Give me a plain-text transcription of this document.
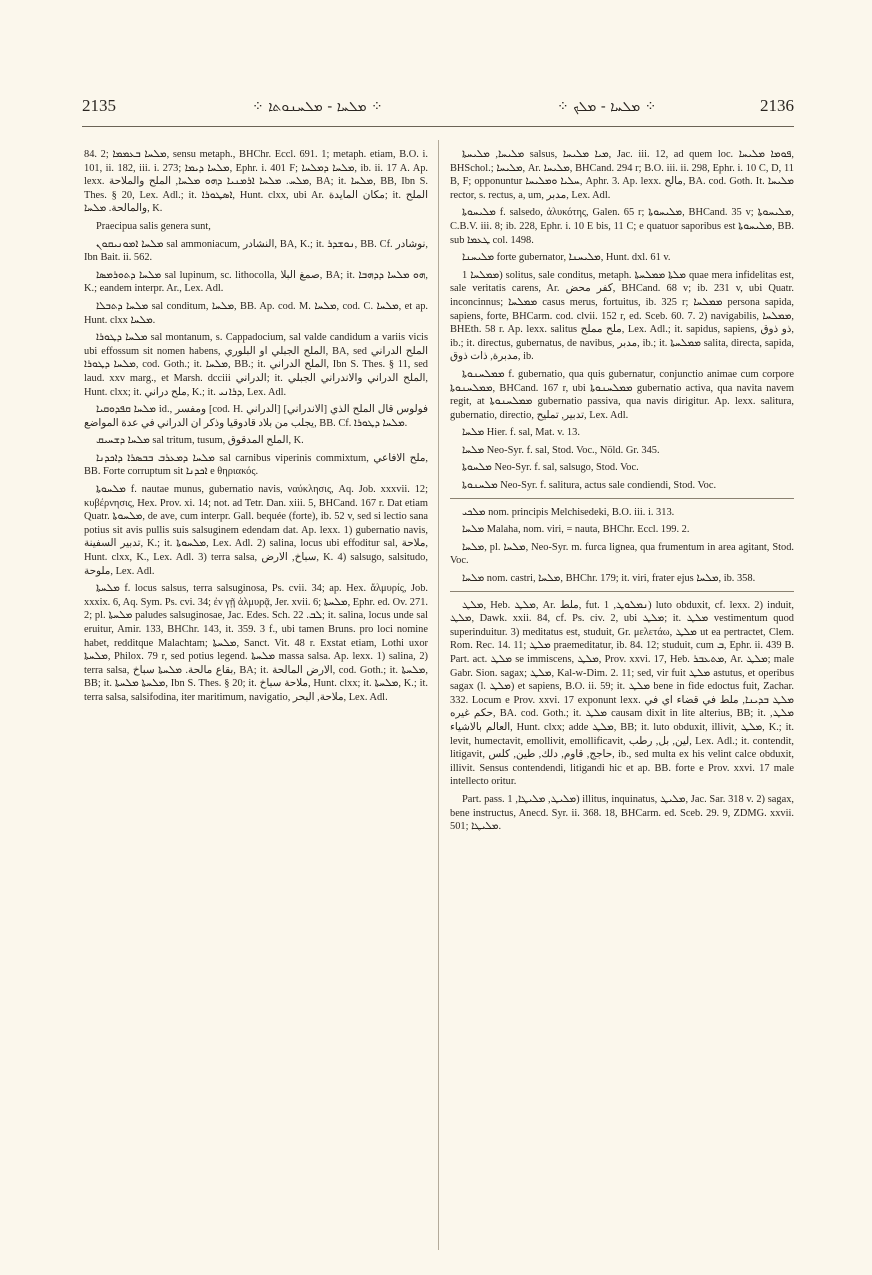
2135	⁘ ܡܠܚܐ - ܡܠܚܢܘܬܐ ⁘	⁘ ܡܠܚܐ - ܡܠܟ ⁘	2136

84. 2; ܡܠܚܐ ܒܥܡܡܐ, sensu metaph., BHChr. Eccl. 691. 1; metaph. etiam, B.O. i. 101, ii. 182, iii. i. 273; ܡܠܚܐ ܕܝܡܐ, Ephr. i. 401 F; ܡܠܚܐ ܕܡܠܚܐ, ib. ii. 17 A. Ap. lexx. ܡܠܚ. ܡܠܚܐ ܐܪܡܢܝܐ ܕܗܘ ܡܠܚܐ, الملح والملاحة, BA; it. ܡܠܚܐ, BB, Ibn S. Thes. § 20, Lex. Adl.; it. ܐܣܛܘܪܐ, Hunt. clxx, ubi Ar. مكان المايدة; it. الملح والمالحة. ܡܠܚܐ, K.

Praecipua salis genera sunt,

ܡܠܚܐ ܐܡܘܢܝܩܘܢ sal ammoniacum, النشادر, BA, K.; it. ܢܘܫܕܪ, BB. Cf. نوشادر, Ibn Bait. ii. 562.

ܡܠܚܐ ܕܬܘܪܡܣܐ sal lupinum, sc. lithocolla, صمغ البلا, BA; it. ܗܘ ܡܠܚܐ ܕܕܗܒܐ, K.; eandem interpr. Ar., Lex. Adl.

ܡܠܚܐ ܕܬܒܠܐ sal conditum, ܡܠܚܐ, BB. Ap. cod. M. ܡܠܚܐ, cod. C. ܡܠܚܐ, et ap. Hunt. clxx ܡܠܚܐ.

ܡܠܚܐ ܕܛܘܪܐ sal montanum, s. Cappadocium, sal valde candidum a variis vicis ubi effossum sit nomen habens, الملح الجبلي او البلوري, BA, sed الملح الدراني ܡܠܚܐ ܕܛܘܪܐ, cod. Goth.; it. ܡܠܚܐ, BB.; it. الملح الدراني, Ibn S. Thes. § 11, sed laud. xxv marg., et Marsh. dcciii الدراني; it. الملح الدراني والاندراني الجبلي, Hunt. clxx; it. ملح دراني, K.; it. ܕܪܐܢܝ, Lex. Adl.

ܡܠܚܐ ܩܦܕܘܩܝܐ id., ومفسر [cod. H. الدراني] [الاندراني] فولوس قال الملح الذي يجلب من بلاد قادوقيا وذكر ان الدراني في عدة المواضع, BB. Cf. ܡܠܚܐ ܕܛܘܪܐ.

ܡܠܚܐ ܕܫܚܝܩ sal tritum, tusum, الملح المدقوق, K.

ܡܠܚܐ ܕܡܥܪܒ ܒܒܣܪܐ ܕܐܟܕܢܐ sal carnibus viperinis commixtum, ملح الافاعي, BB. Forte corruptum sit ܐܟܕܢܐ e θηριακός.

ܡܠܚܘܬܐ f. nautae munus, gubernatio navis, ναύκλησις, Aq. Job. xxxvii. 12; κυβέρνησις, Hex. Prov. xi. 14; not. ad Tetr. Dan. xiii. 5, BHCand. 167 r. Dat etiam Quatr. ܡܠܚܘܬܐ, de ave, cum interpr. Gall. bequée (forte), ib. 52 v, sed si lectio sana potius sit avis pullis suis salsuginem edendam dat. Ap. lexx. 1) gubernatio navis, تدبير السفينة, K.; it. ܡܠܚܘܬܐ, Lex. Adl. 2) salina, locus ubi effoditur sal, ملاحة, Hunt. clxx, K., Lex. Adl. 3) terra salsa, سباخ, الارض, K. 4) salsugo, salsitudo, ملوحة, Lex. Adl.

ܡܠܚܬܐ f. locus salsus, terra salsuginosa, Ps. cvii. 34; ap. Hex. ἅλμυρίς, Job. xxxix. 6, Aq. Sym. Ps. cvi. 34; ἐν γῇ ἁλμυρᾷ, Jer. xvii. 6; ܡܠܚܬܐ, Ephr. ed. Ov. 271. 2; pl. ܡܠܚܬܐ paludes salsuginosae, Jac. Edes. Sch. ܠܒ. 22; it. salina, locus unde sal eruitur, Amir. 133, BHChr. 143, it. 359. 3 f., ubi tamen Bruns. pro loci nomine habet, redditque Malachtam; ܡܠܚܬܐ, Sanct. Vit. 48 r. Exstat etiam, Lothi uxor ܡܠܚܬܐ, Philox. 79 r, sed potius legend. ܡܠܚܬܐ massa salsa. Ap. lexx. 1) salina, 2) terra salsa, بقاع مالحة. ܡܠܚܬܐ سباخ, BA; it. الارض المالحة, cod. Goth.; it. ܡܠܚܬܐ, BB; it. ܡܠܚܬܐ ܡܠܚܬܐ, Ibn S. Thes. § 20; it. ملاحة سباخ, Hunt. clxx; it. ܡܠܚܬܐ, K.; it. terra salsa, salsifodina, iter maritimum, navigatio, ملاحة, البحر, Lex. Adl.

ܡܠܝܚܐ, ܡܠܝܚܬܐ salsus, ܡܝܐ ܡܠܝܚܐ, Jac. iii. 12, ad quem loc. ܦܘܡܐ ܡܠܝܚܐ, BHSchol.; ܡܠܝܚܐ, Ar. ܡܠܝܚܐ, BHCand. 294 r; B.O. iii. ii. 298, Ephr. i. 10 C, D, 11 B, F; opponuntur ܚܠܝܐ ܘܡܠܝܚܐ, Aphr. 3. Ap. lexx. مالح, BA. cod. Goth. It. ܡܠܝܚܐ rector, s. rectus, a, um, مدبر, Lex. Adl.

ܡܠܝܚܘܬܐ f. salsedo, ἀλυκότης, Galen. 65 r; ܡܠܝܚܘܬܐ, BHCand. 35 v; ܡܠܝܚܘܬܐ, C.B.V. iii. 8; ib. 228, Ephr. i. 10 E bis, 11 C; e quatuor saporibus est ܡܠܝܚܘܬܐ, BB. sub ܛܥܡܐ col. 1498.

ܡܠܝܚܢܐ forte gubernator, ܡܠܝܚܢܐ, Hunt. dxl. 61 v.

ܡܡܠܚܐ 1) solitus, sale conditus, metaph. ܡܠܬܐ ܡܡܠܚܬܐ quae mera infidelitas est, sale veritatis carens, Ar. كفر محض, BHCand. 68 v; ib. 231 v, ubi Quatr. inconcinnus; ܡܡܠܚܐ casus merus, fortuitus, ib. 325 r; ܡܡܠܚܐ persona sapida, sapiens, forte, BHCarm. cod. clvii. 152 r, ed. Sceb. 60. 7. 2) navigabilis, ܡܡܠܚܐ, BHEth. 58 r. Ap. lexx. salitus ملح مملح, Lex. Adl.; it. sapidus, sapiens, ذو ذوق, ib.; it. directus, gubernatus, de navibus, مدبر, ib.; it. ܡܡܠܚܬܐ salita, directa, sapida, مدبرة, ذات ذوق, ib.

ܡܡܠܚܢܘܬܐ f. gubernatio, qua quis gubernatur, conjunctio animae cum corpore ܡܡܠܚܢܘܬܐ, BHCand. 167 r, ubi ܡܡܠܚܢܘܬܐ gubernatio activa, qua navita navem regit, at ܡܡܠܚܢܘܬܐ gubernatio passiva, qua navis dirigitur. Ap. lexx. salitura, gubernatio, directio, تدبير, تمليح, Lex. Adl.

ܡܠܚܐ Hier. f. sal, Mat. v. 13.

ܡܠܚܐ Neo-Syr. f. sal, Stod. Voc., Nöld. Gr. 345.

ܡܠܚܘܬܐ Neo-Syr. f. sal, salsugo, Stod. Voc.

ܡܠܚܢܘܬܐ Neo-Syr. f. salitura, actus sale condiendi, Stod. Voc.

ܡܠܟܝ nom. principis Melchisedeki, B.O. iii. i. 313.

ܡܠܚܐ Malaha, nom. viri, = nauta, BHChr. Eccl. 199. 2.

ܡܠܚܐ, pl. ܡܠܚܐ, Neo-Syr. m. furca lignea, qua frumentum in area agitant, Stod. Voc.

ܡܠܚܐ nom. castri, ܡܠܚܐ, BHChr. 179; it. viri, frater ejus ܡܠܚܐ, ib. 358.

ܡܠܛ, Heb. ܡܠܛ, Ar. ملط, fut. ܢܡܠܘܛ, 1) luto obduxit, cf. lexx. 2) induit, ܡܠܛ, Dawk. xxii. 84, cf. Ps. civ. 2, ubi ܡܠܛ; it. ܡܠܛ vestimentum quod superinduitur. 3) meditatus est, studuit, Gr. μελετάω, ܡܠܛ ut ea pertractet, Clem. Rom. Rec. 14. 11; ܡܠܛ praemeditatur, ib. 84. 12; studuit, cum ܒ, Ephr. ii. 439 B. Part. act. ܡܠܛ se immiscens, ܡܠܛ, Prov. xxvi. 17, Heb. ܡܬܥܒܪ, Ar. ܡܠܛ; male Gabr. Sion. sagax; ܡܠܛ, Kal-w-Dim. 2. 11; sed, vir fuit ܡܠܛ astutus, et operibus sagax (l. ܡܠܛ) et sapiens, B.O. ii. 59; it. ܡܠܛ bene in fide edoctus fuit, Zachar. 332. Locum e Prov. xxvi. 17 exponunt lexx. ܡܠܛ ܒܕܝܢܐ, ملط في قضاء اي في حكم غيره, BA. cod. Goth.; it. ܡܠܛ causam dixit in lite alterius, BB; it. ܡܠܛ, العالم بالاشياء, Hunt. clxx; adde ܡܠܛ, BB; it. luto obduxit, illivit, ܡܠܛ, K.; it. levit, humectavit, emollivit, emollificavit, لين, بل, رطب, Lex. Adl.; it. contendit, litigavit, حاجج, قاوم, دلك, طين, كلس, ib., sed multa ex his velint calce obduxit, illivit. Sensus contendendi, litigandi hic et ap. BB. forte e Prov. xxvi. 17 male intellecto oritur.

Part. pass. ܡܠܝܛ, ܡܠܝܛܐ, 1) illitus, inquinatus, ܡܠܝܛ, Jac. Sar. 318 v. 2) sagax, bene instructus, Anecd. Syr. ii. 368. 18, BHCarm. ed. Sceb. 29. 9, ZDMG. xxvii. 501; ܡܠܝܛܐ.
